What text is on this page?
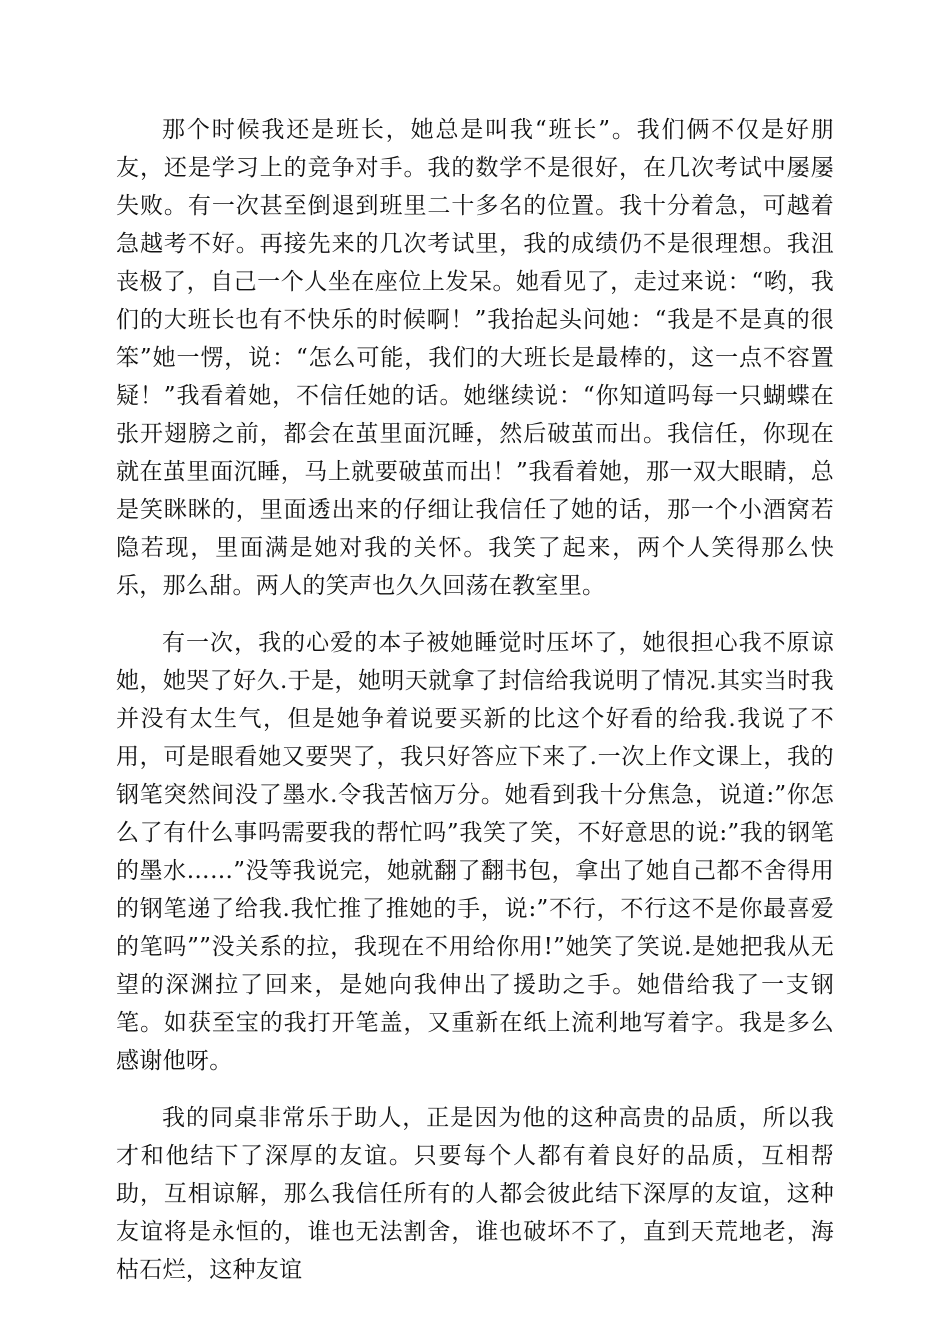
那个时候我还是班长，她总是叫我“班长”。我们俩不仅是好朋友，还是学习上的竞争对手。我的数学不是很好，在几次考试中屡屡失败。有一次甚至倒退到班里二十多名的位置。我十分着急，可越着急越考不好。再接先来的几次考试里，我的成绩仍不是很理想。我沮丧极了，自己一个人坐在座位上发呆。她看见了，走过来说：“哟，我们的大班长也有不快乐的时候啊！”我抬起头问她：“我是不是真的很笨”她一愣，说：“怎么可能，我们的大班长是最棒的，这一点不容置疑！”我看着她，不信任她的话。她继续说：“你知道吗每一只蝴蝶在张开翅膀之前，都会在茧里面沉睡，然后破茧而出。我信任，你现在就在茧里面沉睡，马上就要破茧而出！”我看着她，那一双大眼睛，总是笑眯眯的，里面透出来的仔细让我信任了她的话，那一个小酒窝若隐若现，里面满是她对我的关怀。我笑了起来，两个人笑得那么快乐，那么甜。两人的笑声也久久回荡在教室里。

有一次，我的心爱的本子被她睡觉时压坏了，她很担心我不原谅她，她哭了好久.于是，她明天就拿了封信给我说明了情况.其实当时我并没有太生气，但是她争着说要买新的比这个好看的给我.我说了不用，可是眼看她又要哭了，我只好答应下来了.一次上作文课上，我的钢笔突然间没了墨水.令我苦恼万分。她看到我十分焦急，说道:”你怎么了有什么事吗需要我的帮忙吗”我笑了笑，不好意思的说:”我的钢笔的墨水……”没等我说完，她就翻了翻书包，拿出了她自己都不舍得用的钢笔递了给我.我忙推了推她的手，说:”不行，不行这不是你最喜爱的笔吗””没关系的拉，我现在不用给你用!”她笑了笑说.是她把我从无望的深渊拉了回来，是她向我伸出了援助之手。她借给我了一支钢笔。如获至宝的我打开笔盖，又重新在纸上流利地写着字。我是多么感谢他呀。

我的同桌非常乐于助人，正是因为他的这种高贵的品质，所以我才和他结下了深厚的友谊。只要每个人都有着良好的品质，互相帮助，互相谅解，那么我信任所有的人都会彼此结下深厚的友谊，这种友谊将是永恒的，谁也无法割舍，谁也破坏不了，直到天荒地老，海枯石烂，这种友谊
